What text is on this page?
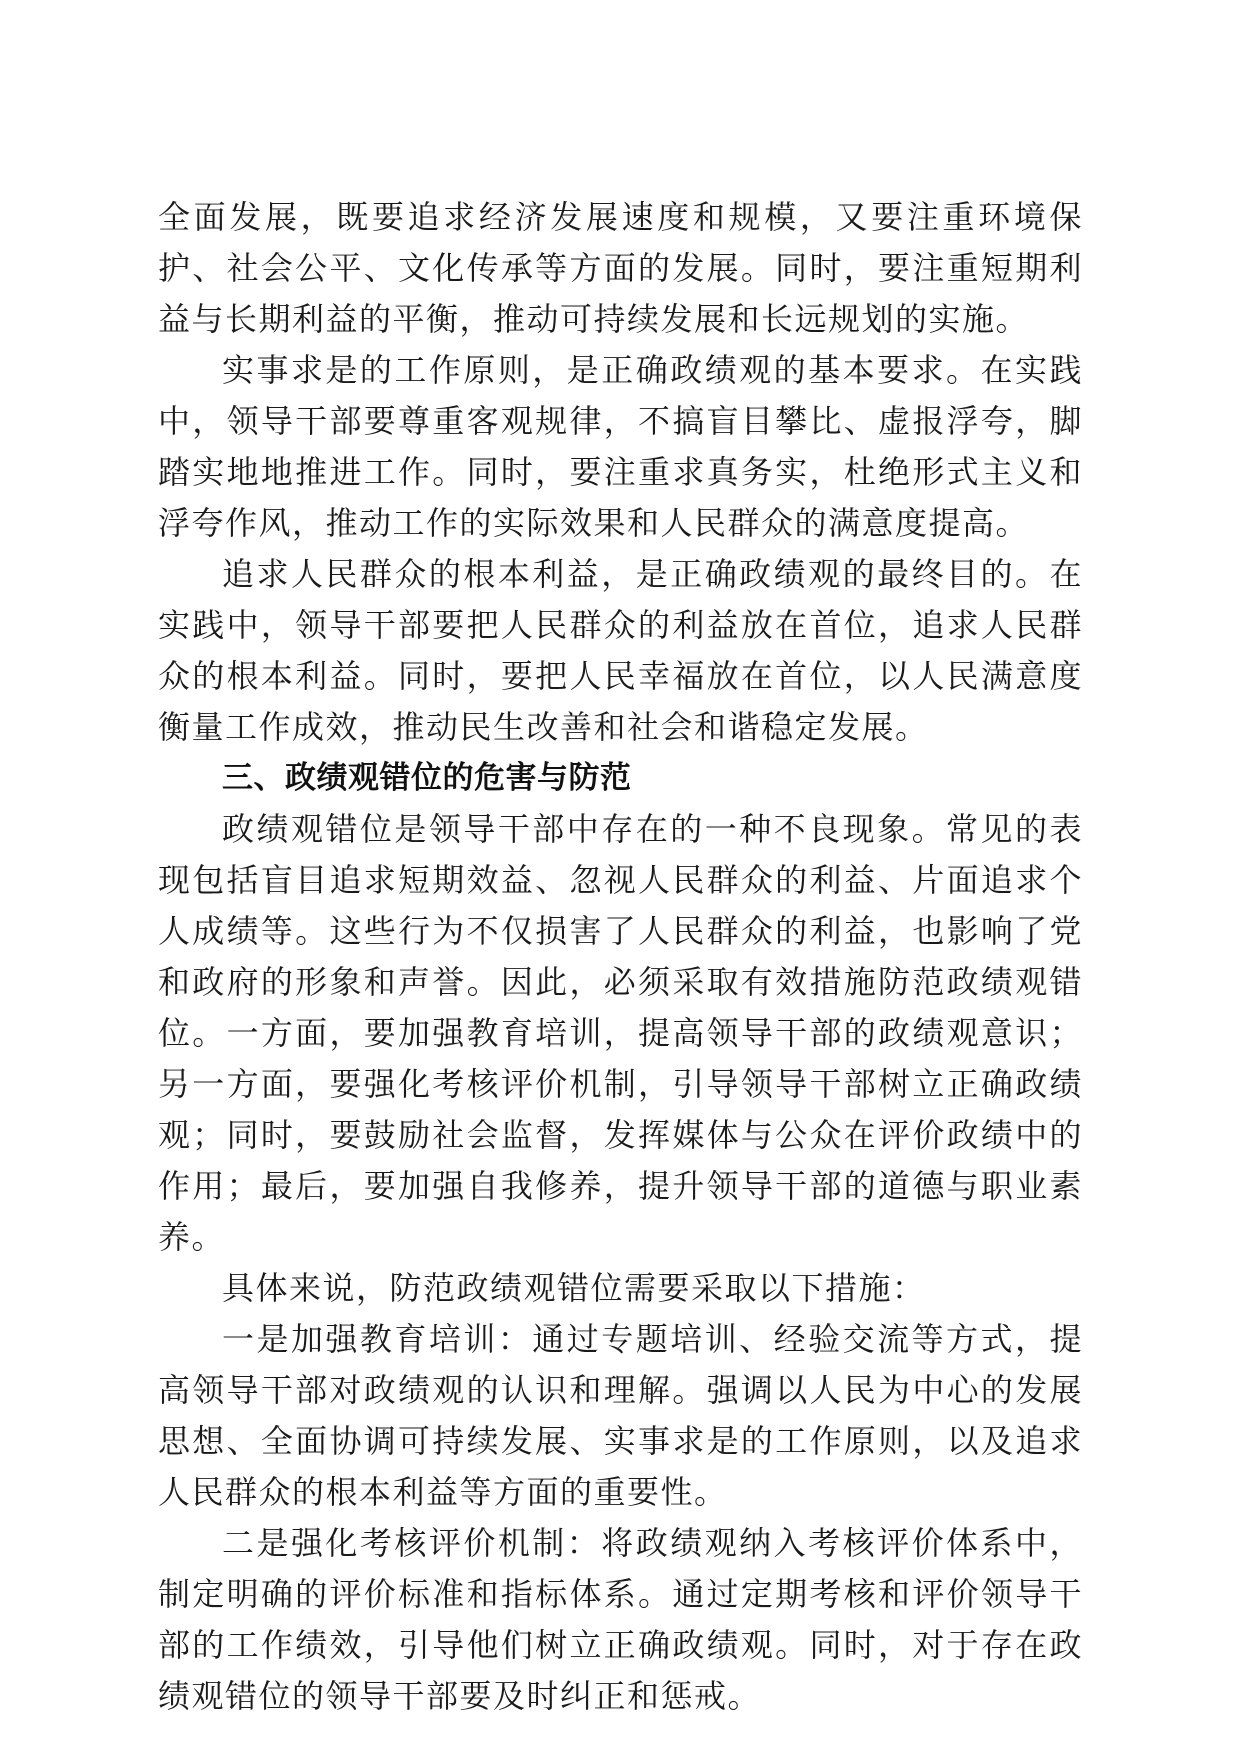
全面发展，既要追求经济发展速度和规模，又要注重环境保护、社会公平、文化传承等方面的发展。同时，要注重短期利益与长期利益的平衡，推动可持续发展和长远规划的实施。

实事求是的工作原则，是正确政绩观的基本要求。在实践中，领导干部要尊重客观规律，不搞盲目攀比、虚报浮夸，脚踏实地地推进工作。同时，要注重求真务实，杜绝形式主义和浮夸作风，推动工作的实际效果和人民群众的满意度提高。

追求人民群众的根本利益，是正确政绩观的最终目的。在实践中，领导干部要把人民群众的利益放在首位，追求人民群众的根本利益。同时，要把人民幸福放在首位，以人民满意度衡量工作成效，推动民生改善和社会和谐稳定发展。

三、政绩观错位的危害与防范

政绩观错位是领导干部中存在的一种不良现象。常见的表现包括盲目追求短期效益、忽视人民群众的利益、片面追求个人成绩等。这些行为不仅损害了人民群众的利益，也影响了党和政府的形象和声誉。因此，必须采取有效措施防范政绩观错位。一方面，要加强教育培训，提高领导干部的政绩观意识；另一方面，要强化考核评价机制，引导领导干部树立正确政绩观；同时，要鼓励社会监督，发挥媒体与公众在评价政绩中的作用；最后，要加强自我修养，提升领导干部的道德与职业素养。

具体来说，防范政绩观错位需要采取以下措施：

一是加强教育培训：通过专题培训、经验交流等方式，提高领导干部对政绩观的认识和理解。强调以人民为中心的发展思想、全面协调可持续发展、实事求是的工作原则，以及追求人民群众的根本利益等方面的重要性。

二是强化考核评价机制：将政绩观纳入考核评价体系中，制定明确的评价标准和指标体系。通过定期考核和评价领导干部的工作绩效，引导他们树立正确政绩观。同时，对于存在政绩观错位的领导干部要及时纠正和惩戒。
